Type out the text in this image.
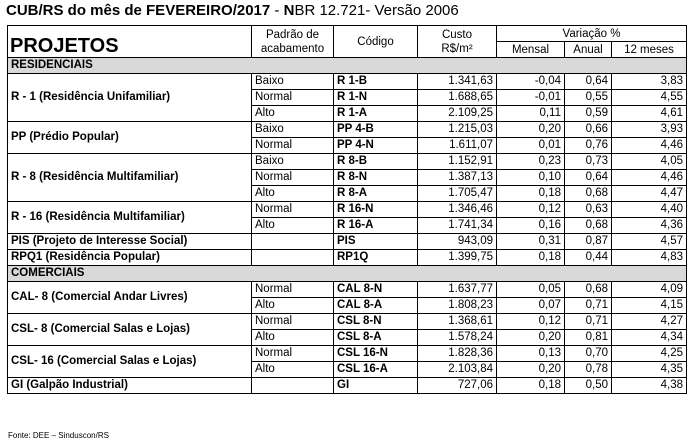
CUB/RS do mês de FEVEREIRO/2017 - NBR 12.721- Versão 2006
PROJETOS	Padrão de acabamento	Código	Custo R$/m²	Variação %		
				Mensal	Anual	12 meses
RESIDENCIAIS						
R - 1 (Residência Unifamiliar)	Baixo	R 1-B	1.341,63	-0,04	0,64	3,83
	Normal	R 1-N	1.688,65	-0,01	0,55	4,55
	Alto	R 1-A	2.109,25	0,11	0,59	4,61
PP (Prédio Popular)	Baixo	PP 4-B	1.215,03	0,20	0,66	3,93
	Normal	PP 4-N	1.611,07	0,01	0,76	4,46
R - 8 (Residência Multifamiliar)	Baixo	R 8-B	1.152,91	0,23	0,73	4,05
	Normal	R 8-N	1.387,13	0,10	0,64	4,46
	Alto	R 8-A	1.705,47	0,18	0,68	4,47
R - 16 (Residência Multifamiliar)	Normal	R 16-N	1.346,46	0,12	0,63	4,40
	Alto	R 16-A	1.741,34	0,16	0,68	4,36
PIS (Projeto de Interesse Social)		PIS	943,09	0,31	0,87	4,57
RPQ1 (Residência Popular)		RP1Q	1.399,75	0,18	0,44	4,83
COMERCIAIS						
CAL- 8 (Comercial Andar Livres)	Normal	CAL 8-N	1.637,77	0,05	0,68	4,09
	Alto	CAL 8-A	1.808,23	0,07	0,71	4,15
CSL- 8 (Comercial Salas e Lojas)	Normal	CSL 8-N	1.368,61	0,12	0,71	4,27
	Alto	CSL 8-A	1.578,24	0,20	0,81	4,34
CSL- 16 (Comercial Salas e Lojas)	Normal	CSL 16-N	1.828,36	0,13	0,70	4,25
	Alto	CSL 16-A	2.103,84	0,20	0,78	4,35
GI (Galpão Industrial)		GI	727,06	0,18	0,50	4,38
Fonte: DEE – Sinduscon/RS
